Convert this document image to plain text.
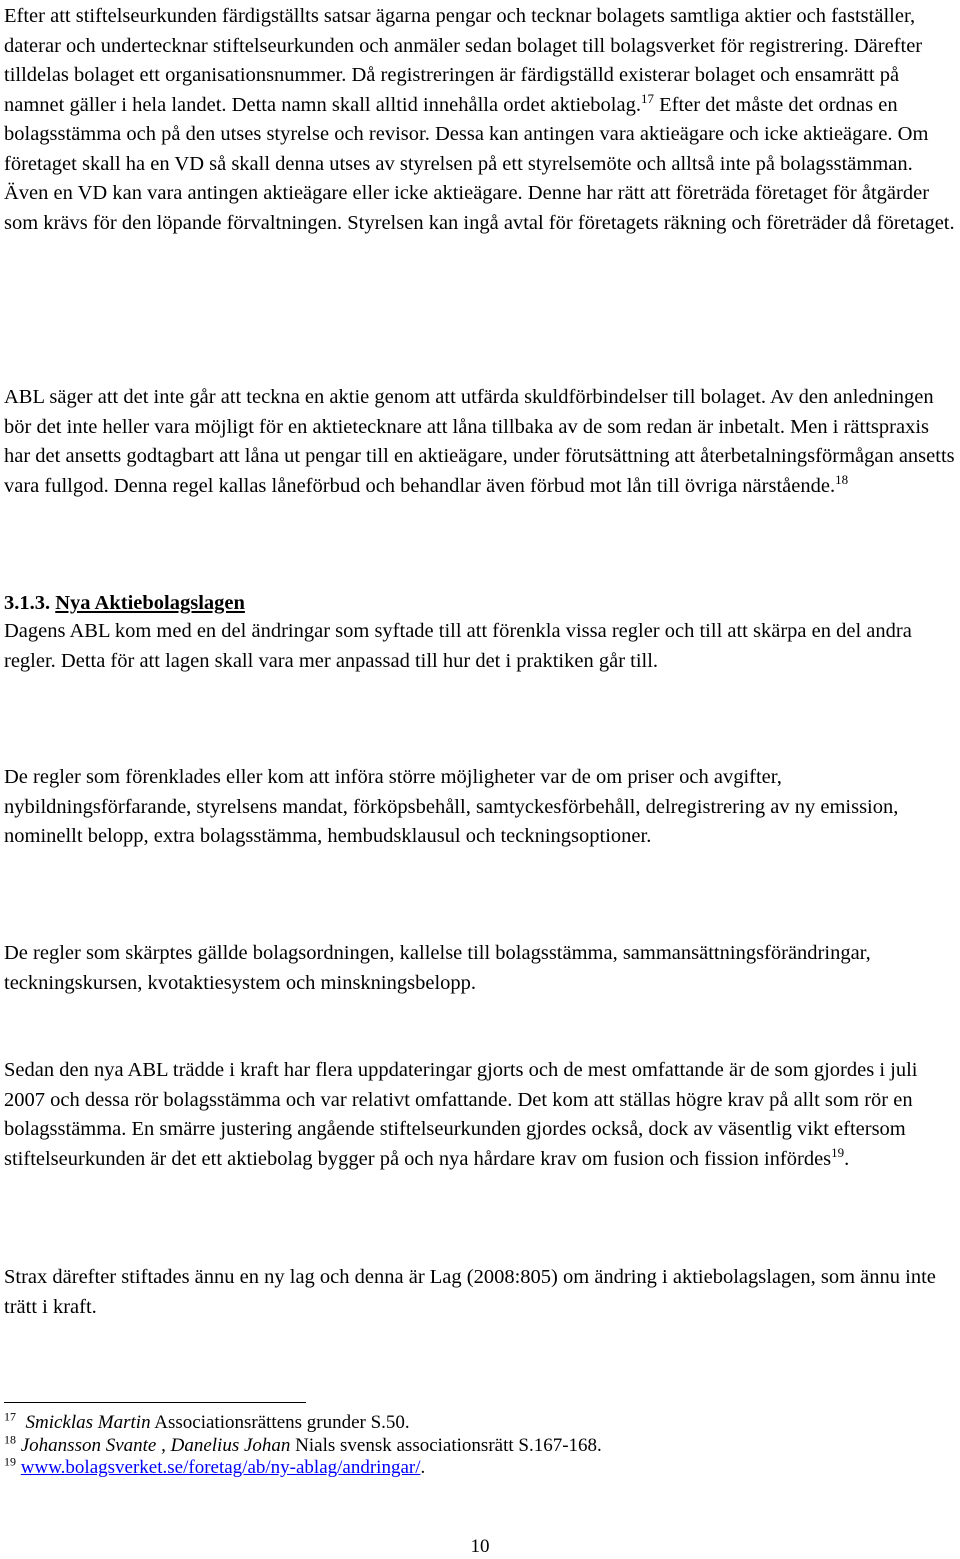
Efter att stiftelseurkunden färdigställts satsar ägarna pengar och tecknar bolagets samtliga aktier och fastställer, daterar och undertecknar stiftelseurkunden och anmäler sedan bolaget till bolagsverket för registrering. Därefter tilldelas bolaget ett organisationsnummer. Då registreringen är färdigställd existerar bolaget och ensamrätt på namnet gäller i hela landet. Detta namn skall alltid innehålla ordet aktiebolag.$^{17}$ Efter det måste det ordnas en bolagsstämma och på den utses styrelse och revisor. Dessa kan antingen vara aktieägare och icke aktieägare. Om företaget skall ha en VD så skall denna utses av styrelsen på ett styrelsemöte och alltså inte på bolagsstämman. Även en VD kan vara antingen aktieägare eller icke aktieägare. Denne har rätt att företräda företaget för åtgärder som krävs för den löpande förvaltningen. Styrelsen kan ingå avtal för företagets räkning och företräder då företaget.

ABL säger att det inte går att teckna en aktie genom att utfärda skuldförbindelser till bolaget. Av den anledningen bör det inte heller vara möjligt för en aktietecknare att låna tillbaka av de som redan är inbetalt. Men i rättspraxis har det ansetts godtagbart att låna ut pengar till en aktieägare, under förutsättning att återbetalningsförmågan ansetts vara fullgod. Denna regel kallas låneförbud och behandlar även förbud mot lån till övriga närstående.$^{18}$

3.1.3. Nya Aktiebolagslagen

Dagens ABL kom med en del ändringar som syftade till att förenkla vissa regler och till att skärpa en del andra regler. Detta för att lagen skall vara mer anpassad till hur det i praktiken går till.

De regler som förenklades eller kom att införa större möjligheter var de om priser och avgifter, nybildningsförfarande, styrelsens mandat, förköpsbehåll, samtyckesförbehåll, delregistrering av ny emission, nominellt belopp, extra bolagsstämma, hembudsklausul och teckningsoptioner.

De regler som skärptes gällde bolagsordningen, kallelse till bolagsstämma, sammansättningsförändringar, teckningskursen, kvotaktiesystem och minskningsbelopp.

Sedan den nya ABL trädde i kraft har flera uppdateringar gjorts och de mest omfattande är de som gjordes i juli 2007 och dessa rör bolagsstämma och var relativt omfattande. Det kom att ställas högre krav på allt som rör en bolagsstämma. En smärre justering angående stiftelseurkunden gjordes också, dock av väsentlig vikt eftersom stiftelseurkunden är det ett aktiebolag bygger på och nya hårdare krav om fusion och fission infördes$^{19}$.

Strax därefter stiftades ännu en ny lag och denna är Lag (2008:805) om ändring i aktiebolagslagen, som ännu inte trätt i kraft.

$^{17}$ Smicklas Martin Associationsrättens grunder S.50.

$^{18}$ Johansson Svante , Danelius Johan Nials svensk associationsrätt S.167-168.

$^{19}$ www.bolagsverket.se/foretag/ab/ny-ablag/andringar/.

10
